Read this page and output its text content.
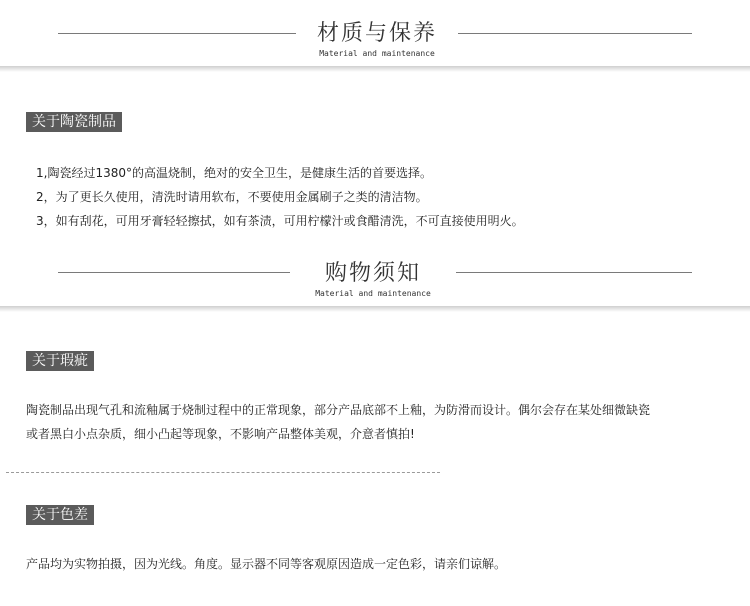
材质与保养
Material and maintenance
关于陶瓷制品
1,陶瓷经过1380°的高温烧制，绝对的安全卫生，是健康生活的首要选择。
2，为了更长久使用，清洗时请用软布，不要使用金属刷子之类的清洁物。
3，如有刮花，可用牙膏轻轻擦拭，如有茶渍，可用柠檬汁或食醋清洗，不可直接使用明火。
购物须知
Material and maintenance
关于瑕疵
陶瓷制品出现气孔和流釉属于烧制过程中的正常现象，部分产品底部不上釉，为防滑而设计。偶尔会存在某处细微缺瓷
或者黑白小点杂质，细小凸起等现象，不影响产品整体美观，介意者慎拍!
关于色差
产品均为实物拍摄，因为光线。角度。显示器不同等客观原因造成一定色彩，请亲们谅解。
